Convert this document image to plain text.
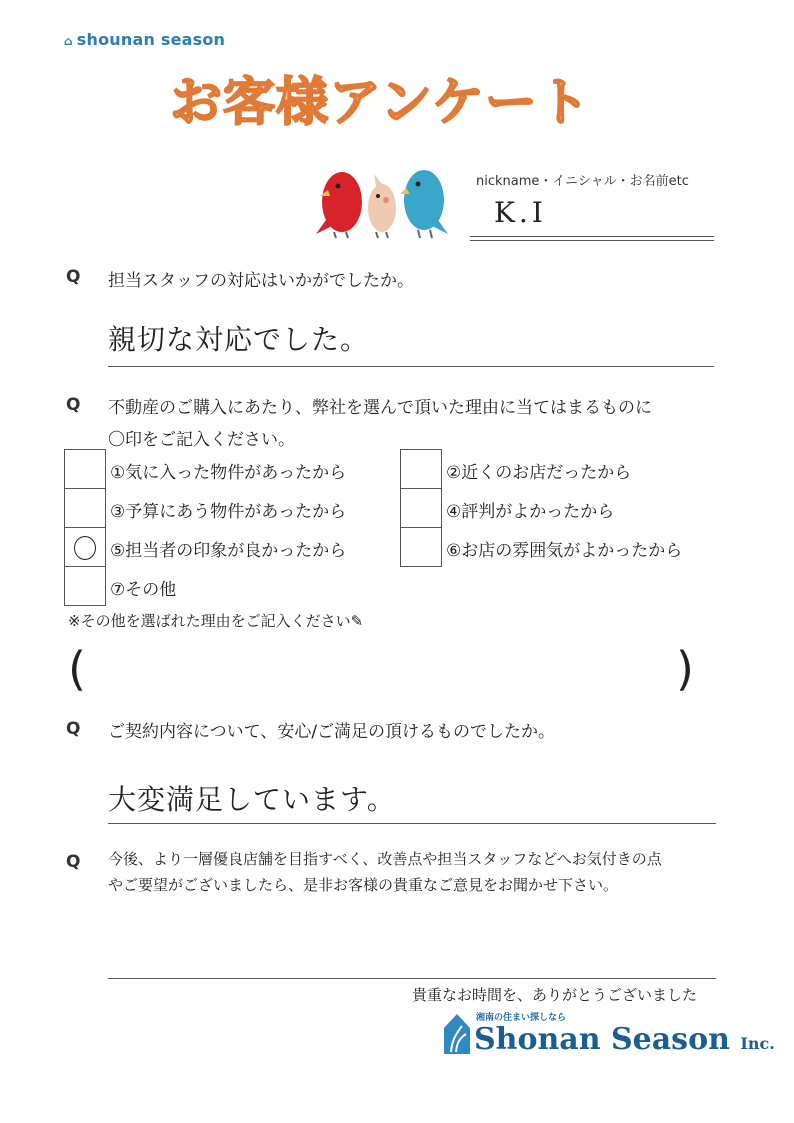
⌂ shounan season
お客様アンケート
nickname・イニシャル・お名前etc
K.I
Q 担当スタッフの対応はいかがでしたか。
親切な対応でした。
Q 不動産のご購入にあたり、弊社を選んで頂いた理由に当てはまるものに
〇印をご記入ください。
①気に入った物件があったから	②近くのお店だったから
③予算にあう物件があったから	④評判がよかったから
⑤担当者の印象が良かったから	⑥お店の雰囲気がよかったから
⑦その他
※その他を選ばれた理由をご記入ください✎
(	)
Q ご契約内容について、安心/ご満足の頂けるものでしたか。
大変満足しています。
Q 今後、より一層優良店舗を目指すべく、改善点や担当スタッフなどへお気付きの点
やご要望がございましたら、是非お客様の貴重なご意見をお聞かせ下さい。
貴重なお時間を、ありがとうございました
湘南の住まい探しなら
Shonan Season Inc.
